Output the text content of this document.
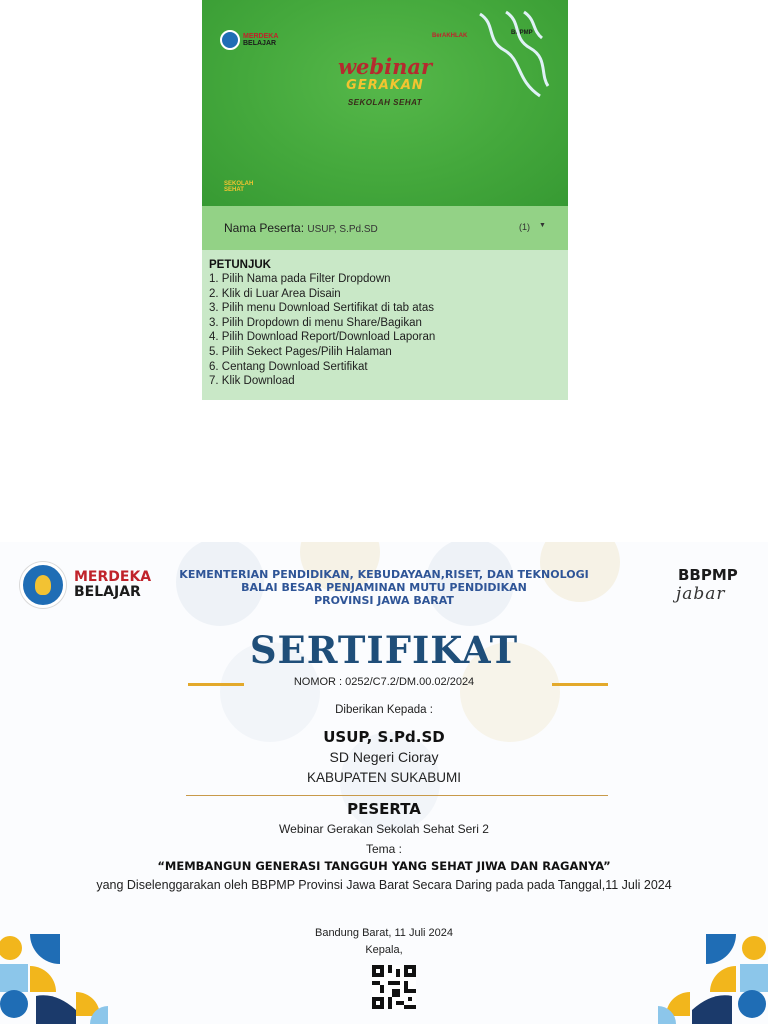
MERDEKA
BELAJAR
BerAKHLAK	BBPMP
webinar
GERAKAN
SEKOLAH SEHAT
SEKOLAH
SEHAT
Nama Peserta: USUP, S.Pd.SD	(1) ▼
PETUNJUK
1. Pilih Nama pada Filter Dropdown
2. Klik di Luar Area Disain
3. Pilih menu Download Sertifikat di tab atas
3. Pilih Dropdown di menu Share/Bagikan
4. Pilih Download Report/Download Laporan
5. Pilih Sekect Pages/Pilih Halaman
6. Centang Download Sertifikat
7. Klik Download
MERDEKA
BELAJAR
BBPMP
jabar
KEMENTERIAN PENDIDIKAN, KEBUDAYAAN,RISET, DAN TEKNOLOGI
BALAI BESAR PENJAMINAN MUTU PENDIDIKAN
PROVINSI JAWA BARAT
SERTIFIKAT
NOMOR : 0252/C7.2/DM.00.02/2024
Diberikan Kepada :
USUP, S.Pd.SD
SD Negeri Cioray
KABUPATEN SUKABUMI
PESERTA
Webinar Gerakan Sekolah Sehat Seri 2
Tema :
“MEMBANGUN GENERASI TANGGUH YANG SEHAT JIWA DAN RAGANYA”
yang Diselenggarakan oleh BBPMP Provinsi Jawa Barat Secara Daring pada pada Tanggal,11 Juli 2024
Bandung Barat, 11 Juli 2024
Kepala,
